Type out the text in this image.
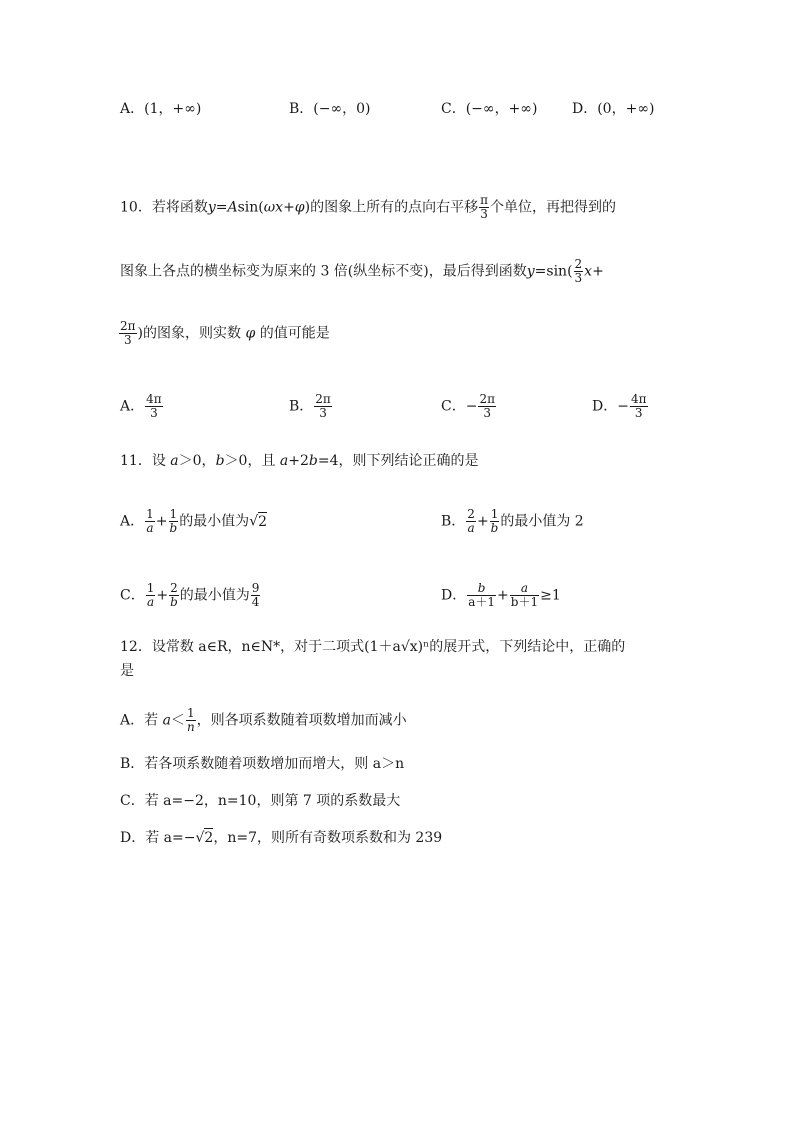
A．(1，+∞)	B．(−∞，0)	C．(−∞，+∞) D．(0，+∞)
10．若将函数y=Asin(ωx+φ)的图象上所有的点向右平移 $\frac{\pi}{3}$ 个单位，再把得到的
图象上各点的横坐标变为原来的 3 倍(纵坐标不变)，最后得到函数$y=\sin( \frac{2}{3} x+$
$\frac{2\pi}{3}$ )的图象，则实数 φ 的值可能是
A． $\frac{4\pi}{3}$	B． $\frac{2\pi}{3}$	C．− $\frac{2\pi}{3}$	D．− $\frac{4\pi}{3}$
11．设 a＞0，b＞0，且 a+2b=4，则下列结论正确的是
A． $\frac{1}{a} + \frac{1}{b}$ 的最小值为√2	B． $\frac{2}{a} + \frac{1}{b}$ 的最小值为 2
C． $\frac{1}{a} + \frac{2}{b}$ 的最小值为 $\frac{9}{4}$	D． $\frac{b}{a+1} + \frac{a}{b+1} \ge 1$
12．设常数 a∈R，n∈N*，对于二项式(1＋a√x)ⁿ的展开式，下列结论中，正确的
是
A．若 $a< \frac{1}{n}$ ，则各项系数随着项数增加而减小
B．若各项系数随着项数增加而增大，则 a＞n
C．若 a=−2，n=10，则第 7 项的系数最大
D．若 a=−√2，n=7，则所有奇数项系数和为 239
